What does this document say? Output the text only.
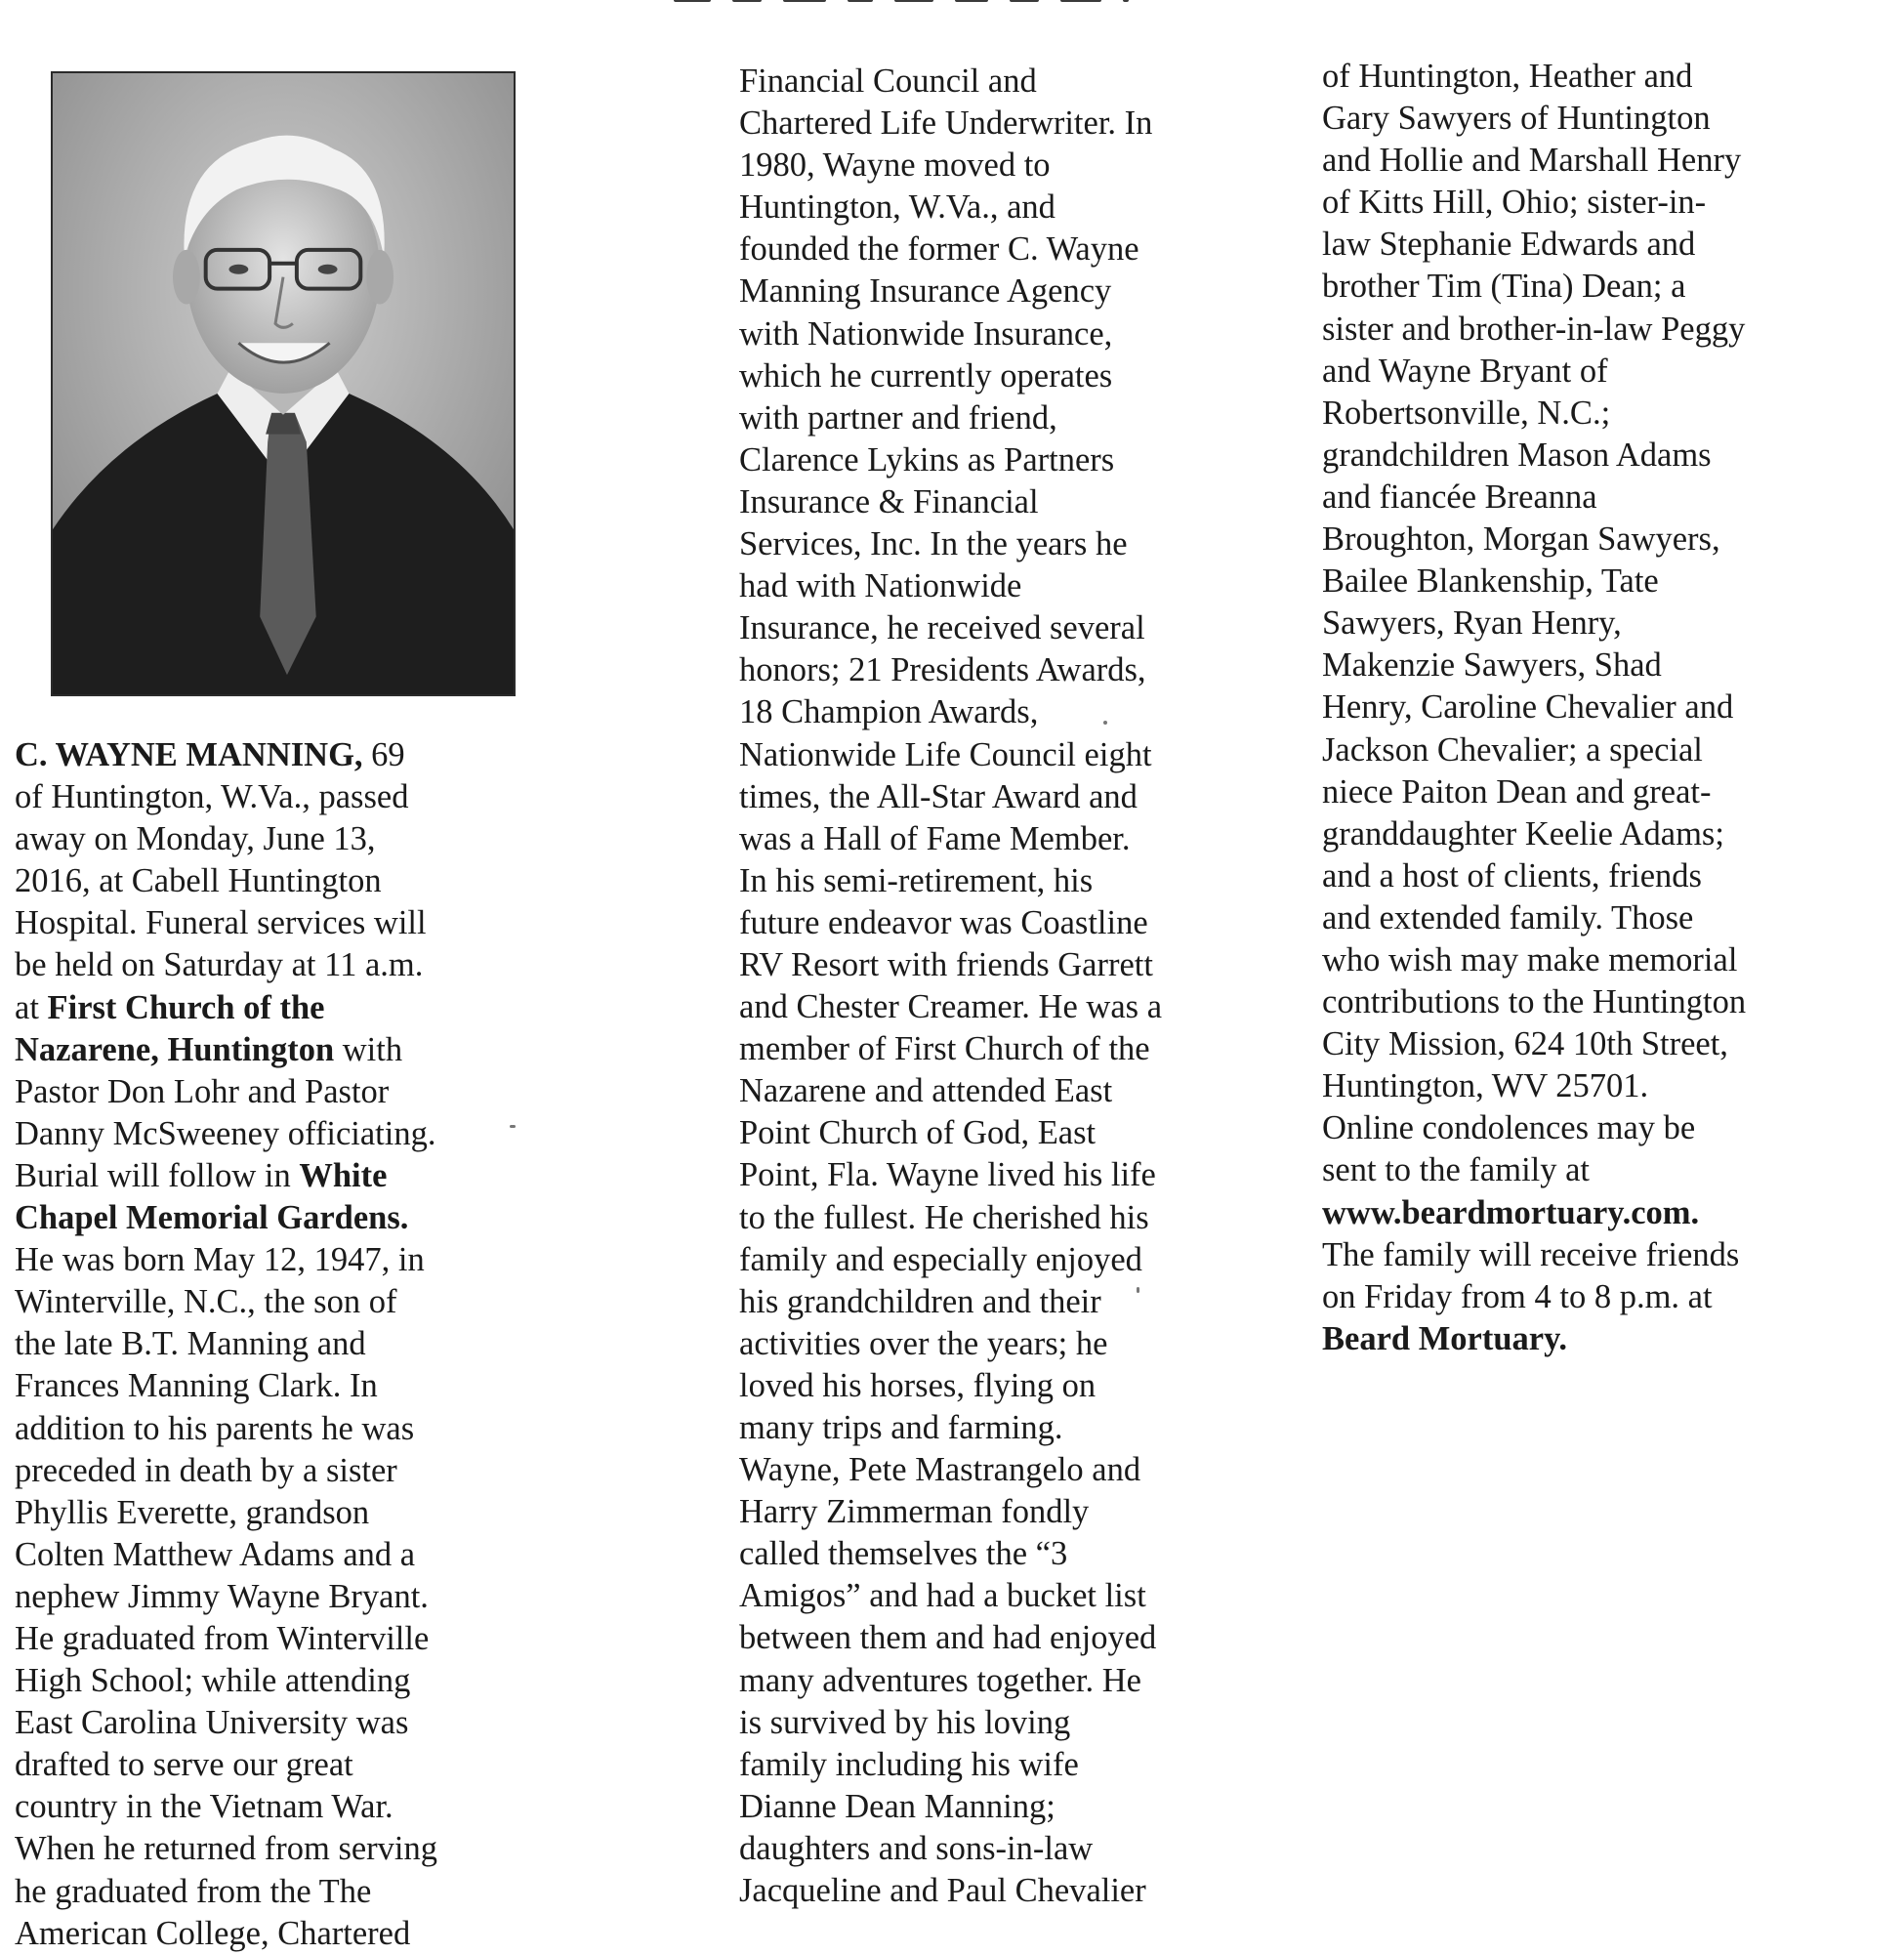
C. WAYNE MANNING, 69
of Huntington, W.Va., passed
away on Monday, June 13,
2016, at Cabell Huntington
Hospital. Funeral services will
be held on Saturday at 11 a.m.
at First Church of the
Nazarene, Huntington with
Pastor Don Lohr and Pastor
Danny McSweeney officiating.
Burial will follow in White
Chapel Memorial Gardens.
He was born May 12, 1947, in
Winterville, N.C., the son of
the late B.T. Manning and
Frances Manning Clark. In
addition to his parents he was
preceded in death by a sister
Phyllis Everette, grandson
Colten Matthew Adams and a
nephew Jimmy Wayne Bryant.
He graduated from Winterville
High School; while attending
East Carolina University was
drafted to serve our great
country in the Vietnam War.
When he returned from serving
he graduated from the The
American College, Chartered
Financial Council and
Chartered Life Underwriter. In
1980, Wayne moved to
Huntington, W.Va., and
founded the former C. Wayne
Manning Insurance Agency
with Nationwide Insurance,
which he currently operates
with partner and friend,
Clarence Lykins as Partners
Insurance & Financial
Services, Inc. In the years he
had with Nationwide
Insurance, he received several
honors; 21 Presidents Awards,
18 Champion Awards,
Nationwide Life Council eight
times, the All-Star Award and
was a Hall of Fame Member.
In his semi-retirement, his
future endeavor was Coastline
RV Resort with friends Garrett
and Chester Creamer. He was a
member of First Church of the
Nazarene and attended East
Point Church of God, East
Point, Fla. Wayne lived his life
to the fullest. He cherished his
family and especially enjoyed
his grandchildren and their
activities over the years; he
loved his horses, flying on
many trips and farming.
Wayne, Pete Mastrangelo and
Harry Zimmerman fondly
called themselves the “3
Amigos” and had a bucket list
between them and had enjoyed
many adventures together. He
is survived by his loving
family including his wife
Dianne Dean Manning;
daughters and sons-in-law
Jacqueline and Paul Chevalier
of Huntington, Heather and
Gary Sawyers of Huntington
and Hollie and Marshall Henry
of Kitts Hill, Ohio; sister-in-
law Stephanie Edwards and
brother Tim (Tina) Dean; a
sister and brother-in-law Peggy
and Wayne Bryant of
Robertsonville, N.C.;
grandchildren Mason Adams
and fiancée Breanna
Broughton, Morgan Sawyers,
Bailee Blankenship, Tate
Sawyers, Ryan Henry,
Makenzie Sawyers, Shad
Henry, Caroline Chevalier and
Jackson Chevalier; a special
niece Paiton Dean and great-
granddaughter Keelie Adams;
and a host of clients, friends
and extended family. Those
who wish may make memorial
contributions to the Huntington
City Mission, 624 10th Street,
Huntington, WV 25701.
Online condolences may be
sent to the family at
www.beardmortuary.com.
The family will receive friends
on Friday from 4 to 8 p.m. at
Beard Mortuary.
